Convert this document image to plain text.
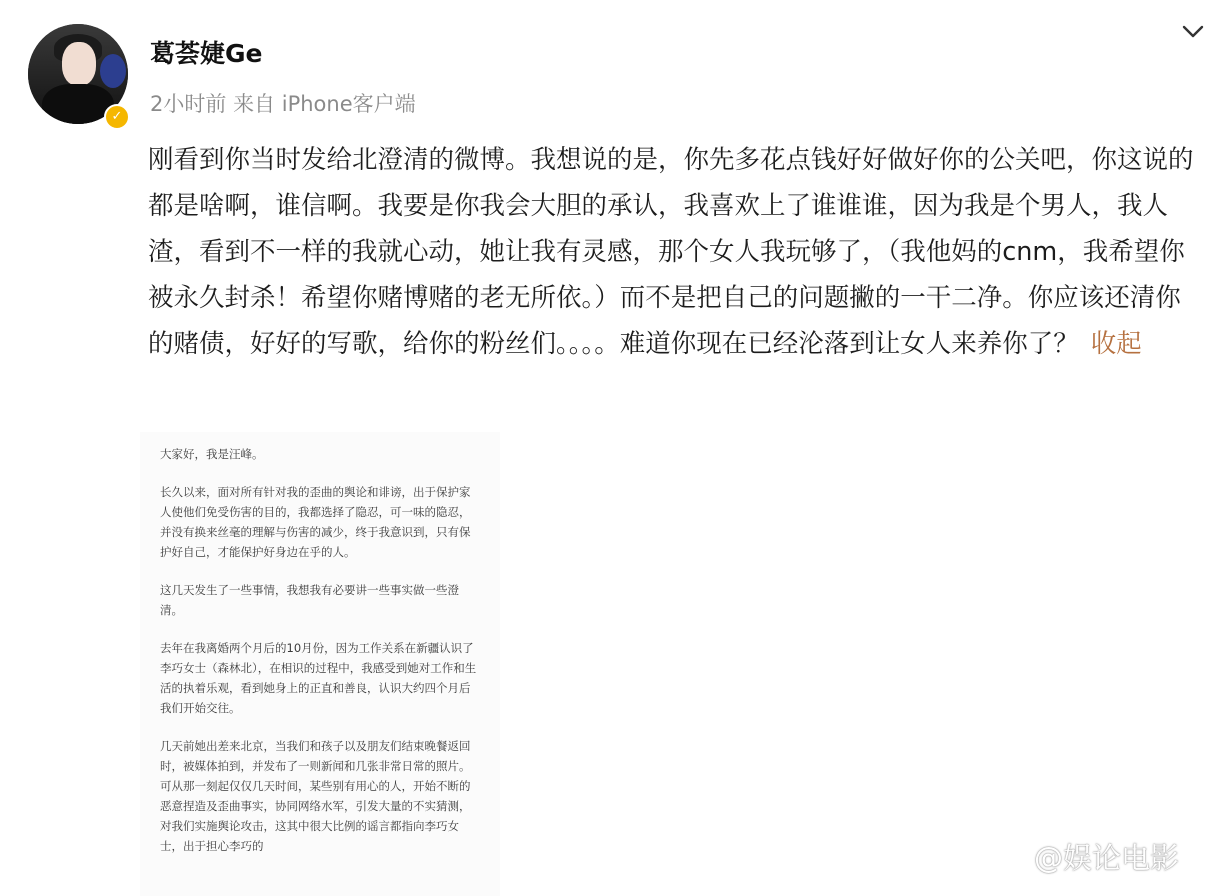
✓
葛荟婕Ge
2小时前 来自 iPhone客户端
刚看到你当时发给北澄清的微博。我想说的是，你先多花点钱好好做好你的公关吧，你这说的都是啥啊，谁信啊。我要是你我会大胆的承认，我喜欢上了谁谁谁，因为我是个男人，我人渣，看到不一样的我就心动，她让我有灵感，那个女人我玩够了，（我他妈的cnm，我希望你被永久封杀！希望你赌博赌的老无所依。）而不是把自己的问题撇的一干二净。你应该还清你的赌债，好好的写歌，给你的粉丝们。。。。难道你现在已经沦落到让女人来养你了？ 收起

大家好，我是汪峰。

长久以来，面对所有针对我的歪曲的舆论和诽谤，出于保护家人使他们免受伤害的目的，我都选择了隐忍，可一味的隐忍，并没有换来丝毫的理解与伤害的减少，终于我意识到，只有保护好自己，才能保护好身边在乎的人。

这几天发生了一些事情，我想我有必要讲一些事实做一些澄清。

去年在我离婚两个月后的10月份，因为工作关系在新疆认识了李巧女士（森林北），在相识的过程中，我感受到她对工作和生活的执着乐观，看到她身上的正直和善良，认识大约四个月后我们开始交往。

几天前她出差来北京，当我们和孩子以及朋友们结束晚餐返回时，被媒体拍到，并发布了一则新闻和几张非常日常的照片。可从那一刻起仅仅几天时间，某些别有用心的人，开始不断的恶意捏造及歪曲事实，协同网络水军，引发大量的不实猜测，对我们实施舆论攻击，这其中很大比例的谣言都指向李巧女士，出于担心李巧的	@娱论电影
